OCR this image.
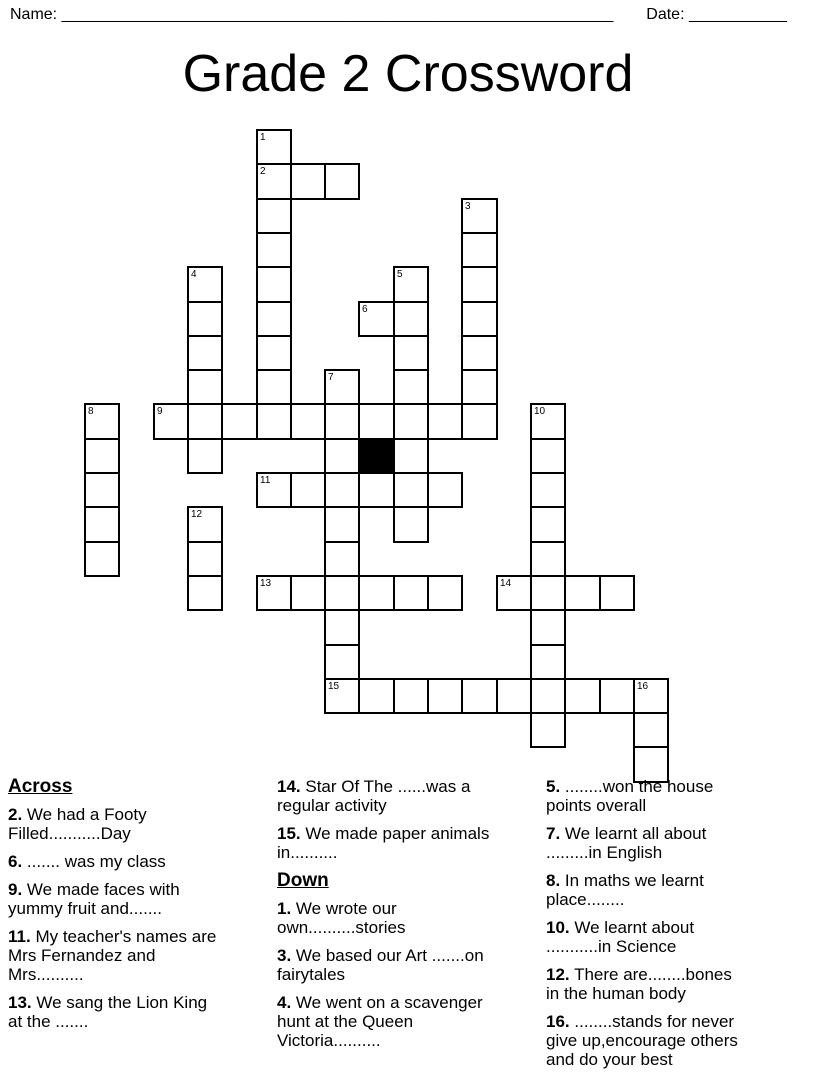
Name: ______________________________________________________________ Date: ___________
Grade 2 Crossword
1
2
3
4	5
6
7
15
8	9	10
11
12
13	14
16

Across

2. We had a Footy Filled...........Day

6. ....... was my class

9. We made faces with yummy fruit and.......

11. My teacher's names are Mrs Fernandez and Mrs..........

13. We sang the Lion King at the .......

14. Star Of The ......was a regular activity

15. We made paper animals in..........

Down

1. We wrote our own..........stories

3. We based our Art .......on fairytales

4. We went on a scavenger hunt at the Queen Victoria..........

5. ........won the house points overall

7. We learnt all about .........in English

8. In maths we learnt place........

10. We learnt about ...........in Science

12. There are........bones in the human body

16. ........stands for never give up,encourage others and do your best
